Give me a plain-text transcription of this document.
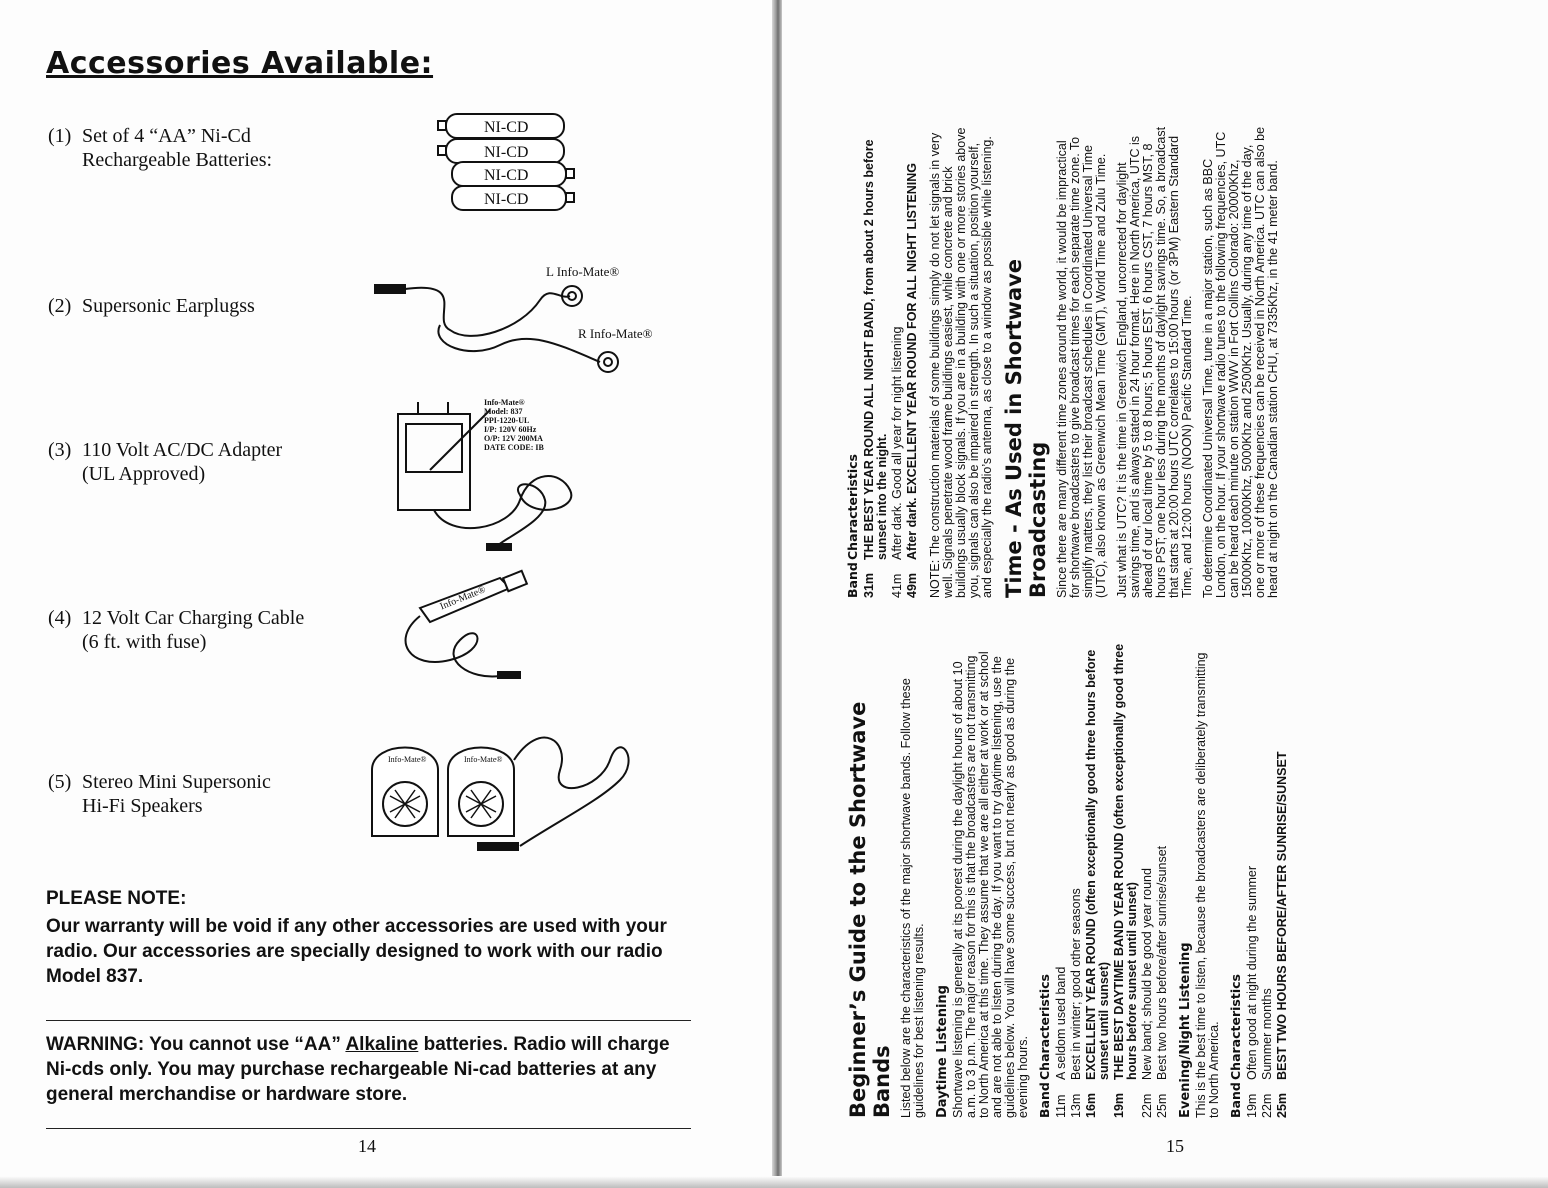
Accessories Available:
(1) Set of 4 “AA” Ni-Cd
Rechargeable Batteries:
(2) Supersonic Earplugss
(3) 110 Volt AC/DC Adapter
(UL Approved)
(4) 12 Volt Car Charging Cable
(6 ft. with fuse)
(5) Stereo Mini Supersonic
Hi-Fi Speakers
NI-CD
NI-CD
NI-CD
NI-CD
L Info-Mate®
R Info-Mate®
Info-Mate®
Model: 837
PPI-1220-UL
I/P: 120V 60Hz
O/P: 12V 200MA
DATE CODE: IB
Info-Mate®
Info-Mate®	Info-Mate®
PLEASE NOTE:
Our warranty will be void if any other accessories are used with your radio. Our accessories are specially designed to work with our radio Model 837.
WARNING: You cannot use “AA” Alkaline batteries. Radio will charge Ni-cds only. You may purchase rechargeable Ni-cad batteries at any general merchandise or hardware store.
14
Beginner’s Guide to the Shortwave Bands Listed below are the characteristics of the major shortwave bands. Follow these guidelines for best listening results. Daytime Listening Shortwave listening is generally at its poorest during the daylight hours of about 10 a.m. to 3 p.m. The major reason for this is that the broadcasters are not transmitting to North America at this time. They assume that we are all either at work or at school and are not able to listen during the day. If you want to try daytime listening, use the guidelines below. You will have some success, but not nearly as good as during the evening hours. Band
Characteristics
11m
A seldom used band
13m
Best in winter; good other seasons
16m
EXCELLENT YEAR ROUND (often exceptionally good three hours before sunset until sunset)
19m
THE BEST DAYTIME BAND YEAR ROUND (often exceptionally good three hours before sunset until sunset)
22m
New band; should be good year round
25m
Best two hours before/after sunrise/sunset Evening/Night Listening This is the best time to listen, because the broadcasters are deliberately transmitting to North America. Band
Characteristics
19m
Often good at night during the summer
22m
Summer months
25m
BEST TWO HOURS BEFORE/AFTER SUNRISE/SUNSET
Band
Characteristics
31m
THE BEST YEAR ROUND ALL NIGHT BAND, from about 2 hours before sunset into the night.
41m
After dark. Good all year for night listening
49m
After dark. EXCELLENT YEAR ROUND FOR ALL NIGHT LISTENING NOTE: The construction materials of some buildings simply do not let signals in very well. Signals penetrate wood frame buildings easiest, while concrete and brick buildings usually block signals. If you are in a building with one or more stories above you, signals can also be impaired in strength. In such a situation, position yourself, and especially the radio’s antenna, as close to a window as possible while listening. Time - As Used in Shortwave Broadcasting Since there are many different time zones around the world, it would be impractical for shortwave broadcasters to give broadcast times for each separate time zone. To simplify matters, they list their broadcast schedules in Coordinated Universal Time (UTC), also known as Greenwich Mean Time (GMT), World Time and Zulu Time. Just what is UTC? It is the time in Greenwich England, uncorrected for daylight savings time, and is always stated in 24 hour format. Here in North America, UTC is ahead of our local time by 5 to 8 hours; 5 hours EST, 6 hours CST, 7 hours MST, 8 hours PST; one hour less during the months of daylight savings time. So, a broadcast that starts at 20:00 hours UTC correlates to 15:00 hours (or 3PM) Eastern Standard Time, and 12:00 hours (NOON) Pacific Standard Time. To determine Coordinated Universal Time, tune in a major station, such as BBC London, on the hour. If your shortwave radio tunes to the following frequencies, UTC can be heard each minute on station WWV in Fort Collins Colorado: 20000Khz, 15000Khz, 10000Khz, 5000Khz and 2500Khz. Usually, during any time of the day, one or more of these frequencies can be received in North America. UTC can also be heard at night on the Canadian station CHU, at 7335Khz, in the 41 meter band.

15
